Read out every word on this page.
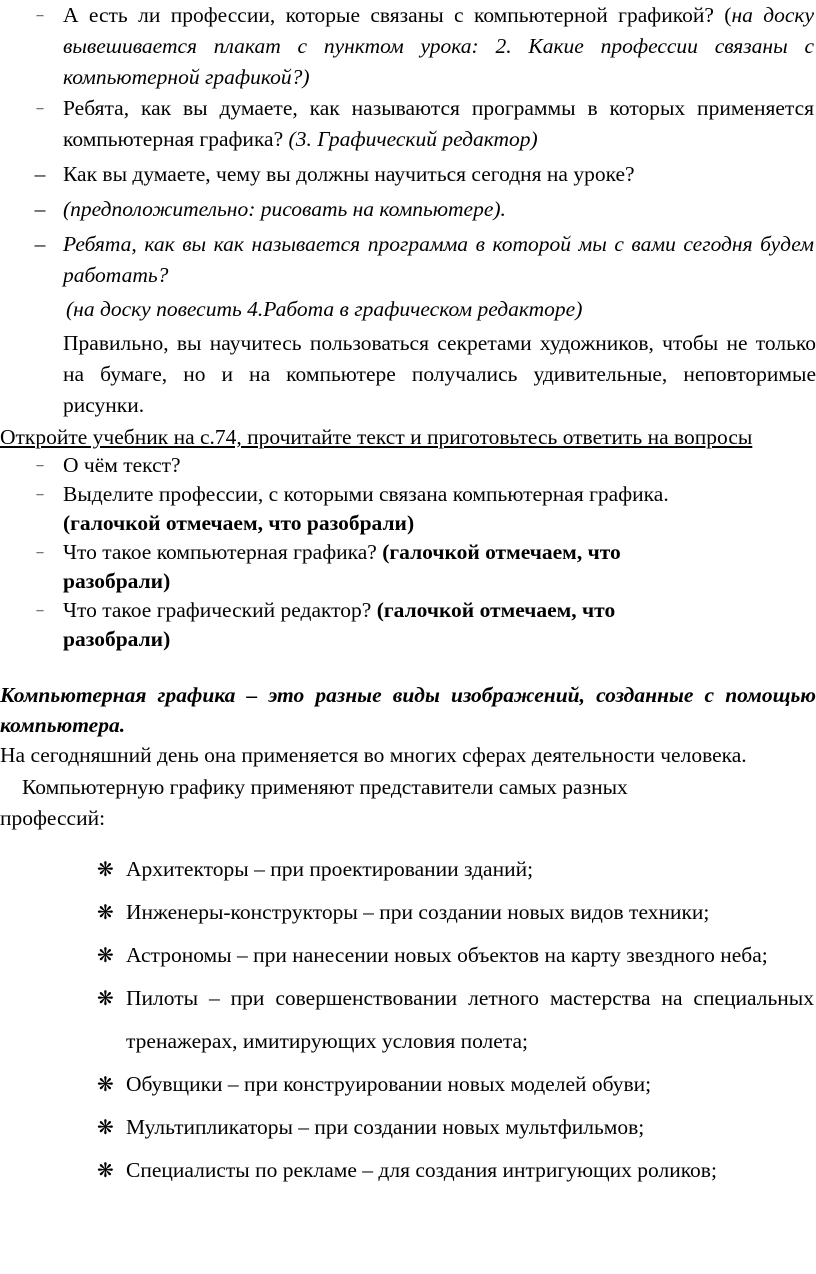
– А есть ли профессии, которые связаны с компьютерной графикой? (на доску вывешивается плакат с пунктом урока: 2. Какие профессии связаны с компьютерной графикой?)
– Ребята, как вы думаете, как называются программы в которых применяется компьютерная графика? (3. Графический редактор)
– Как вы думаете, чему вы должны научиться сегодня на уроке?
– (предположительно: рисовать на компьютере).
– Ребята, как вы как называется программа в которой мы с вами сегодня будем работать?
(на доску повесить 4.Работа в графическом редакторе)
Правильно, вы научитесь пользоваться секретами художников, чтобы не только на бумаге, но и на компьютере получались удивительные, неповторимые рисунки.
Откройте учебник на с.74, прочитайте текст и приготовьтесь ответить на вопросы
– О чём текст?
– Выделите профессии, с которыми связана компьютерная графика.
(галочкой отмечаем, что разобрали)
– Что такое компьютерная графика? (галочкой отмечаем, что разобрали)
– Что такое графический редактор? (галочкой отмечаем, что разобрали)
Компьютерная графика – это разные виды изображений, созданные с помощью компьютера.
На сегодняшний день она применяется во многих сферах деятельности человека.
Компьютерную графику применяют представители самых разных профессий:
❋ Архитекторы – при проектировании зданий;
❋ Инженеры-конструкторы – при создании новых видов техники;
❋ Астрономы – при нанесении новых объектов на карту звездного неба;
❋ Пилоты – при совершенствовании летного мастерства на специальных тренажерах, имитирующих условия полета;
❋ Обувщики – при конструировании новых моделей обуви;
❋ Мультипликаторы – при создании новых мультфильмов;
❋ Специалисты по рекламе – для создания интригующих роликов;
